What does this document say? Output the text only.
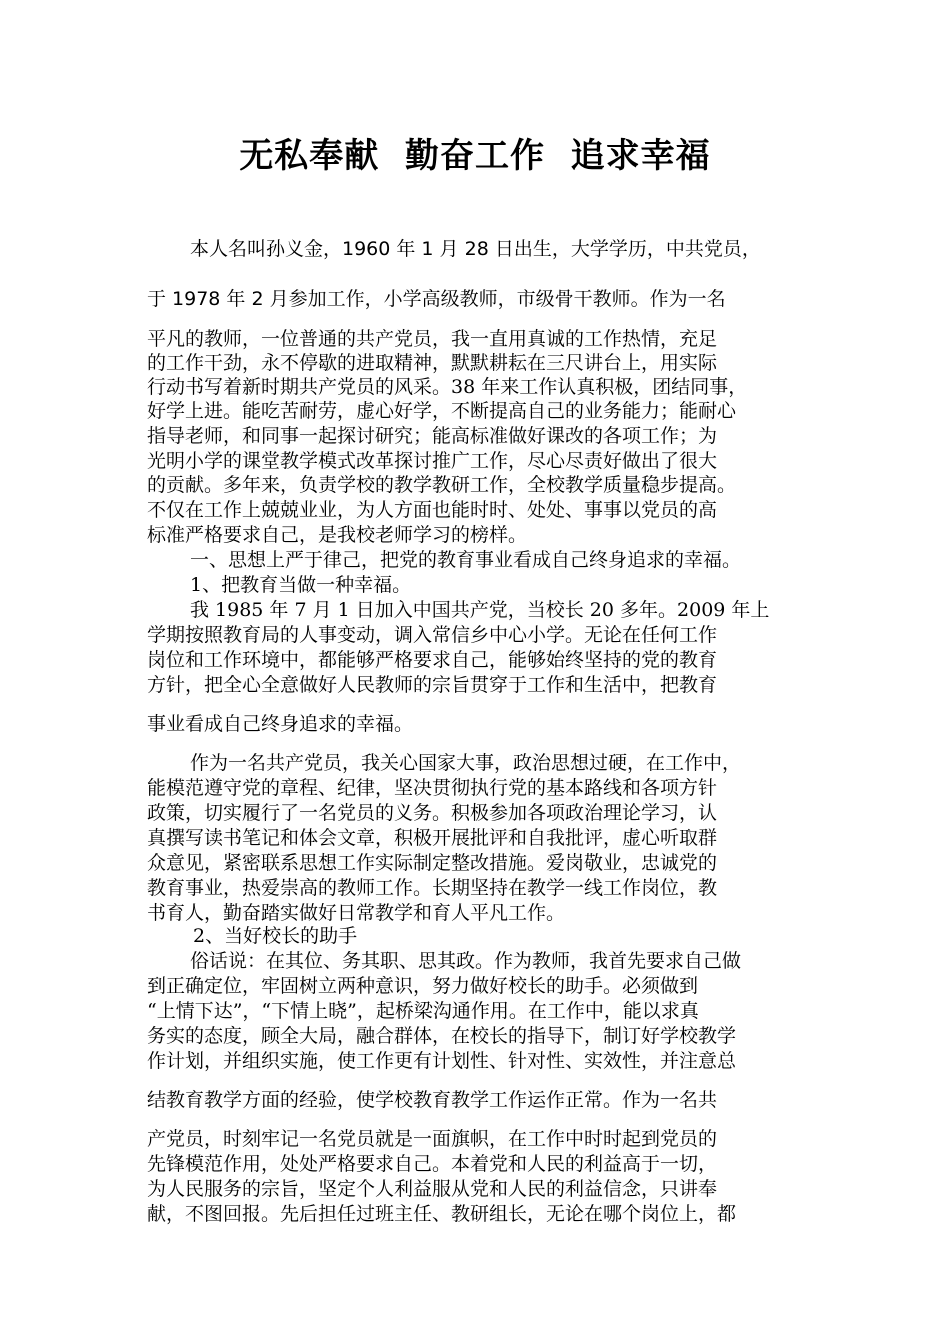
无私奉献  勤奋工作  追求幸福
本人名叫孙义金，1960 年 1 月 28 日出生，大学学历，中共党员，
于 1978 年 2 月参加工作，小学高级教师，市级骨干教师。作为一名
平凡的教师，一位普通的共产党员，我一直用真诚的工作热情，充足
的工作干劲，永不停歇的进取精神，默默耕耘在三尺讲台上，用实际
行动书写着新时期共产党员的风采。38 年来工作认真积极，团结同事，
好学上进。能吃苦耐劳，虚心好学，不断提高自己的业务能力；能耐心
指导老师，和同事一起探讨研究；能高标准做好课改的各项工作；为
光明小学的课堂教学模式改革探讨推广工作，尽心尽责好做出了很大
的贡献。多年来，负责学校的教学教研工作，全校教学质量稳步提高。
不仅在工作上兢兢业业，为人方面也能时时、处处、事事以党员的高
标准严格要求自己，是我校老师学习的榜样。
一、思想上严于律己，把党的教育事业看成自己终身追求的幸福。
1、把教育当做一种幸福。
我 1985 年 7 月 1 日加入中国共产党，当校长 20 多年。2009 年上
学期按照教育局的人事变动，调入常信乡中心小学。无论在任何工作
岗位和工作环境中，都能够严格要求自己，能够始终坚持的党的教育
方针，把全心全意做好人民教师的宗旨贯穿于工作和生活中，把教育
事业看成自己终身追求的幸福。
作为一名共产党员，我关心国家大事，政治思想过硬，在工作中，
能模范遵守党的章程、纪律，坚决贯彻执行党的基本路线和各项方针
政策，切实履行了一名党员的义务。积极参加各项政治理论学习，认
真撰写读书笔记和体会文章，积极开展批评和自我批评，虚心听取群
众意见，紧密联系思想工作实际制定整改措施。爱岗敬业，忠诚党的
教育事业，热爱崇高的教师工作。长期坚持在教学一线工作岗位，教
书育人，勤奋踏实做好日常教学和育人平凡工作。
2、当好校长的助手
俗话说：在其位、务其职、思其政。作为教师，我首先要求自己做
到正确定位，牢固树立两种意识，努力做好校长的助手。必须做到
“上情下达”，“下情上晓”，起桥梁沟通作用。在工作中，能以求真
务实的态度，顾全大局，融合群体，在校长的指导下，制订好学校教学
作计划，并组织实施，使工作更有计划性、针对性、实效性，并注意总
结教育教学方面的经验，使学校教育教学工作运作正常。作为一名共
产党员，时刻牢记一名党员就是一面旗帜，在工作中时时起到党员的
先锋模范作用，处处严格要求自己。本着党和人民的利益高于一切，
为人民服务的宗旨，坚定个人利益服从党和人民的利益信念，只讲奉
献，不图回报。先后担任过班主任、教研组长，无论在哪个岗位上，都
